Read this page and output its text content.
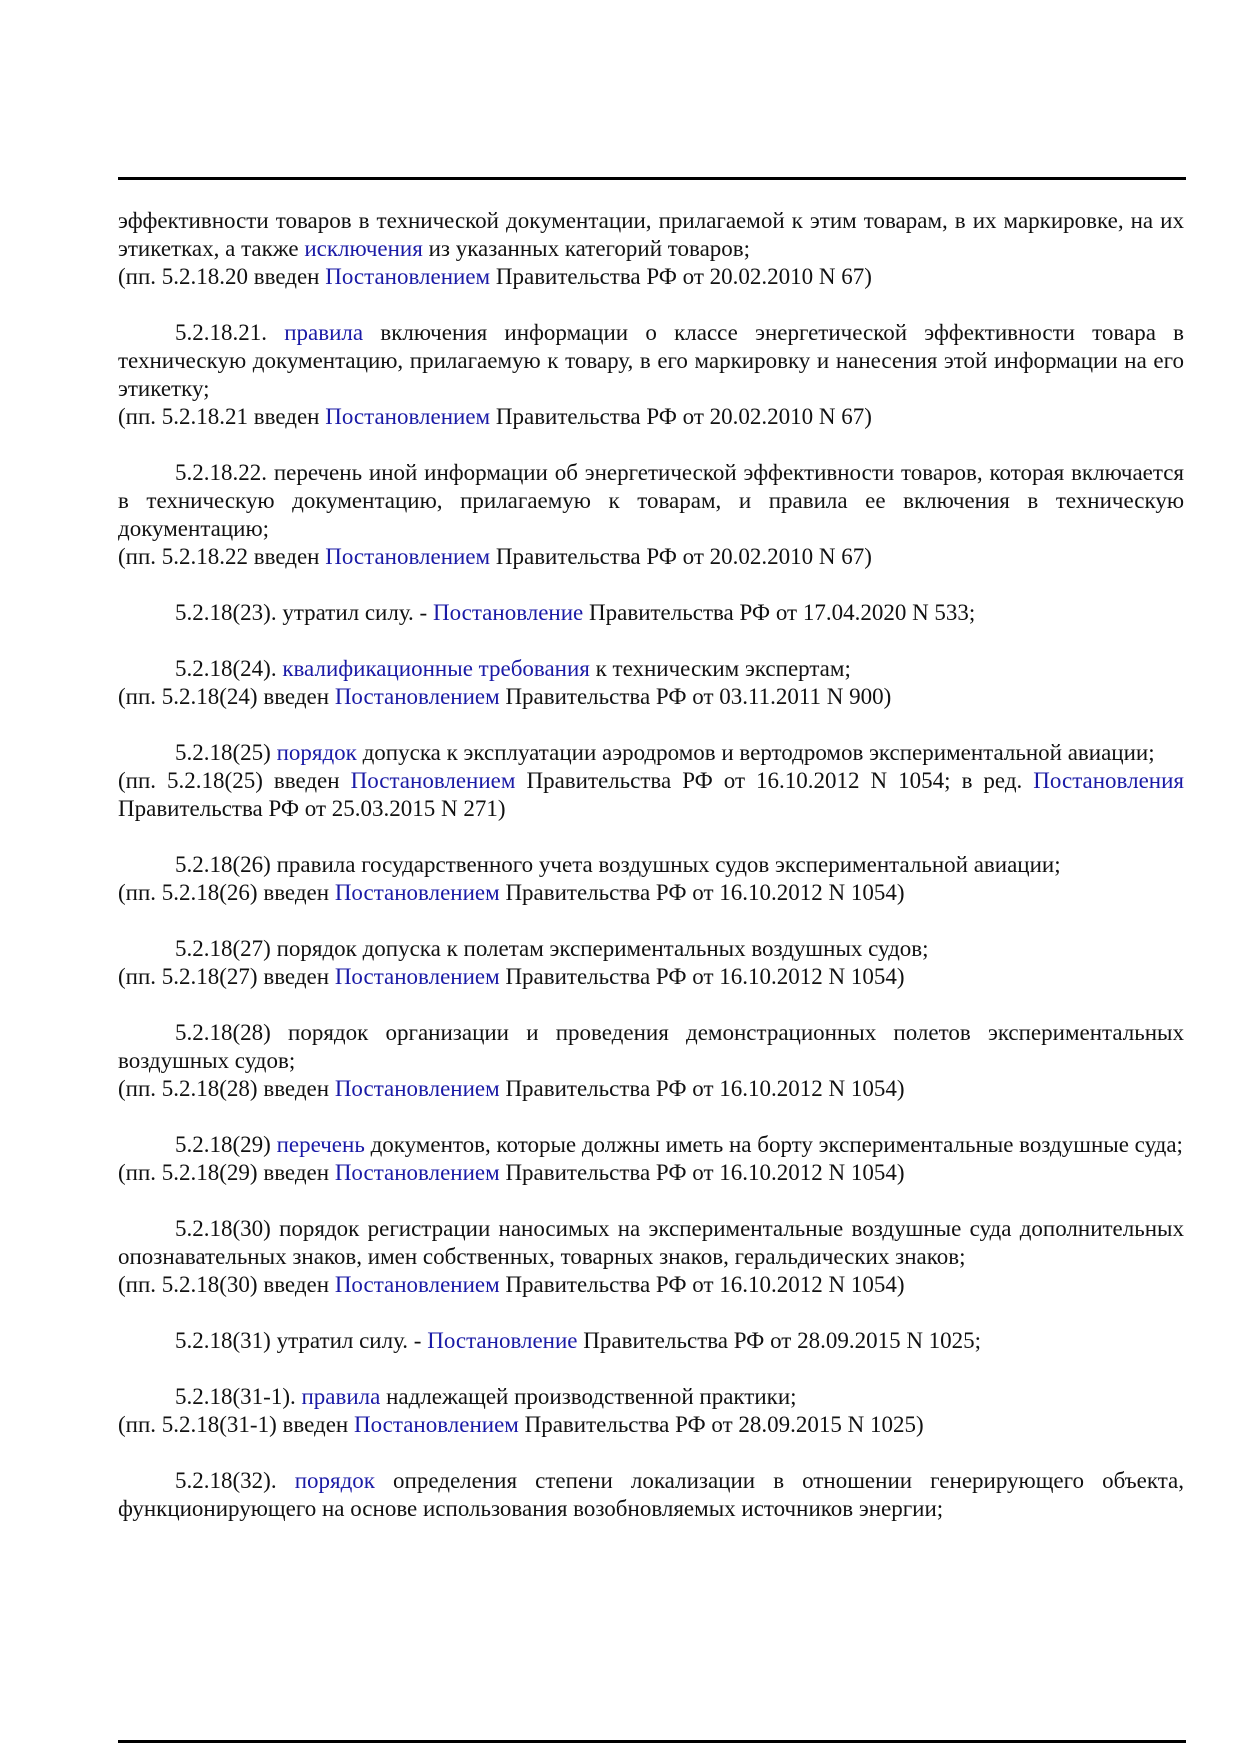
эффективности товаров в технической документации, прилагаемой к этим товарам, в их маркировке, на их этикетках, а также исключения из указанных категорий товаров;

(пп. 5.2.18.20 введен Постановлением Правительства РФ от 20.02.2010 N 67)

5.2.18.21. правила включения информации о классе энергетической эффективности товара в техническую документацию, прилагаемую к товару, в его маркировку и нанесения этой информации на его этикетку;

(пп. 5.2.18.21 введен Постановлением Правительства РФ от 20.02.2010 N 67)

5.2.18.22. перечень иной информации об энергетической эффективности товаров, которая включается в техническую документацию, прилагаемую к товарам, и правила ее включения в техническую документацию;

(пп. 5.2.18.22 введен Постановлением Правительства РФ от 20.02.2010 N 67)

5.2.18(23). утратил силу. - Постановление Правительства РФ от 17.04.2020 N 533;

5.2.18(24). квалификационные требования к техническим экспертам;

(пп. 5.2.18(24) введен Постановлением Правительства РФ от 03.11.2011 N 900)

5.2.18(25) порядок допуска к эксплуатации аэродромов и вертодромов экспериментальной авиации;

(пп. 5.2.18(25) введен Постановлением Правительства РФ от 16.10.2012 N 1054; в ред. Постановления Правительства РФ от 25.03.2015 N 271)

5.2.18(26) правила государственного учета воздушных судов экспериментальной авиации;

(пп. 5.2.18(26) введен Постановлением Правительства РФ от 16.10.2012 N 1054)

5.2.18(27) порядок допуска к полетам экспериментальных воздушных судов;

(пп. 5.2.18(27) введен Постановлением Правительства РФ от 16.10.2012 N 1054)

5.2.18(28) порядок организации и проведения демонстрационных полетов экспериментальных воздушных судов;

(пп. 5.2.18(28) введен Постановлением Правительства РФ от 16.10.2012 N 1054)

5.2.18(29) перечень документов, которые должны иметь на борту экспериментальные воздушные суда;

(пп. 5.2.18(29) введен Постановлением Правительства РФ от 16.10.2012 N 1054)

5.2.18(30) порядок регистрации наносимых на экспериментальные воздушные суда дополнительных опознавательных знаков, имен собственных, товарных знаков, геральдических знаков;

(пп. 5.2.18(30) введен Постановлением Правительства РФ от 16.10.2012 N 1054)

5.2.18(31) утратил силу. - Постановление Правительства РФ от 28.09.2015 N 1025;

5.2.18(31-1). правила надлежащей производственной практики;

(пп. 5.2.18(31-1) введен Постановлением Правительства РФ от 28.09.2015 N 1025)

5.2.18(32). порядок определения степени локализации в отношении генерирующего объекта, функционирующего на основе использования возобновляемых источников энергии;
